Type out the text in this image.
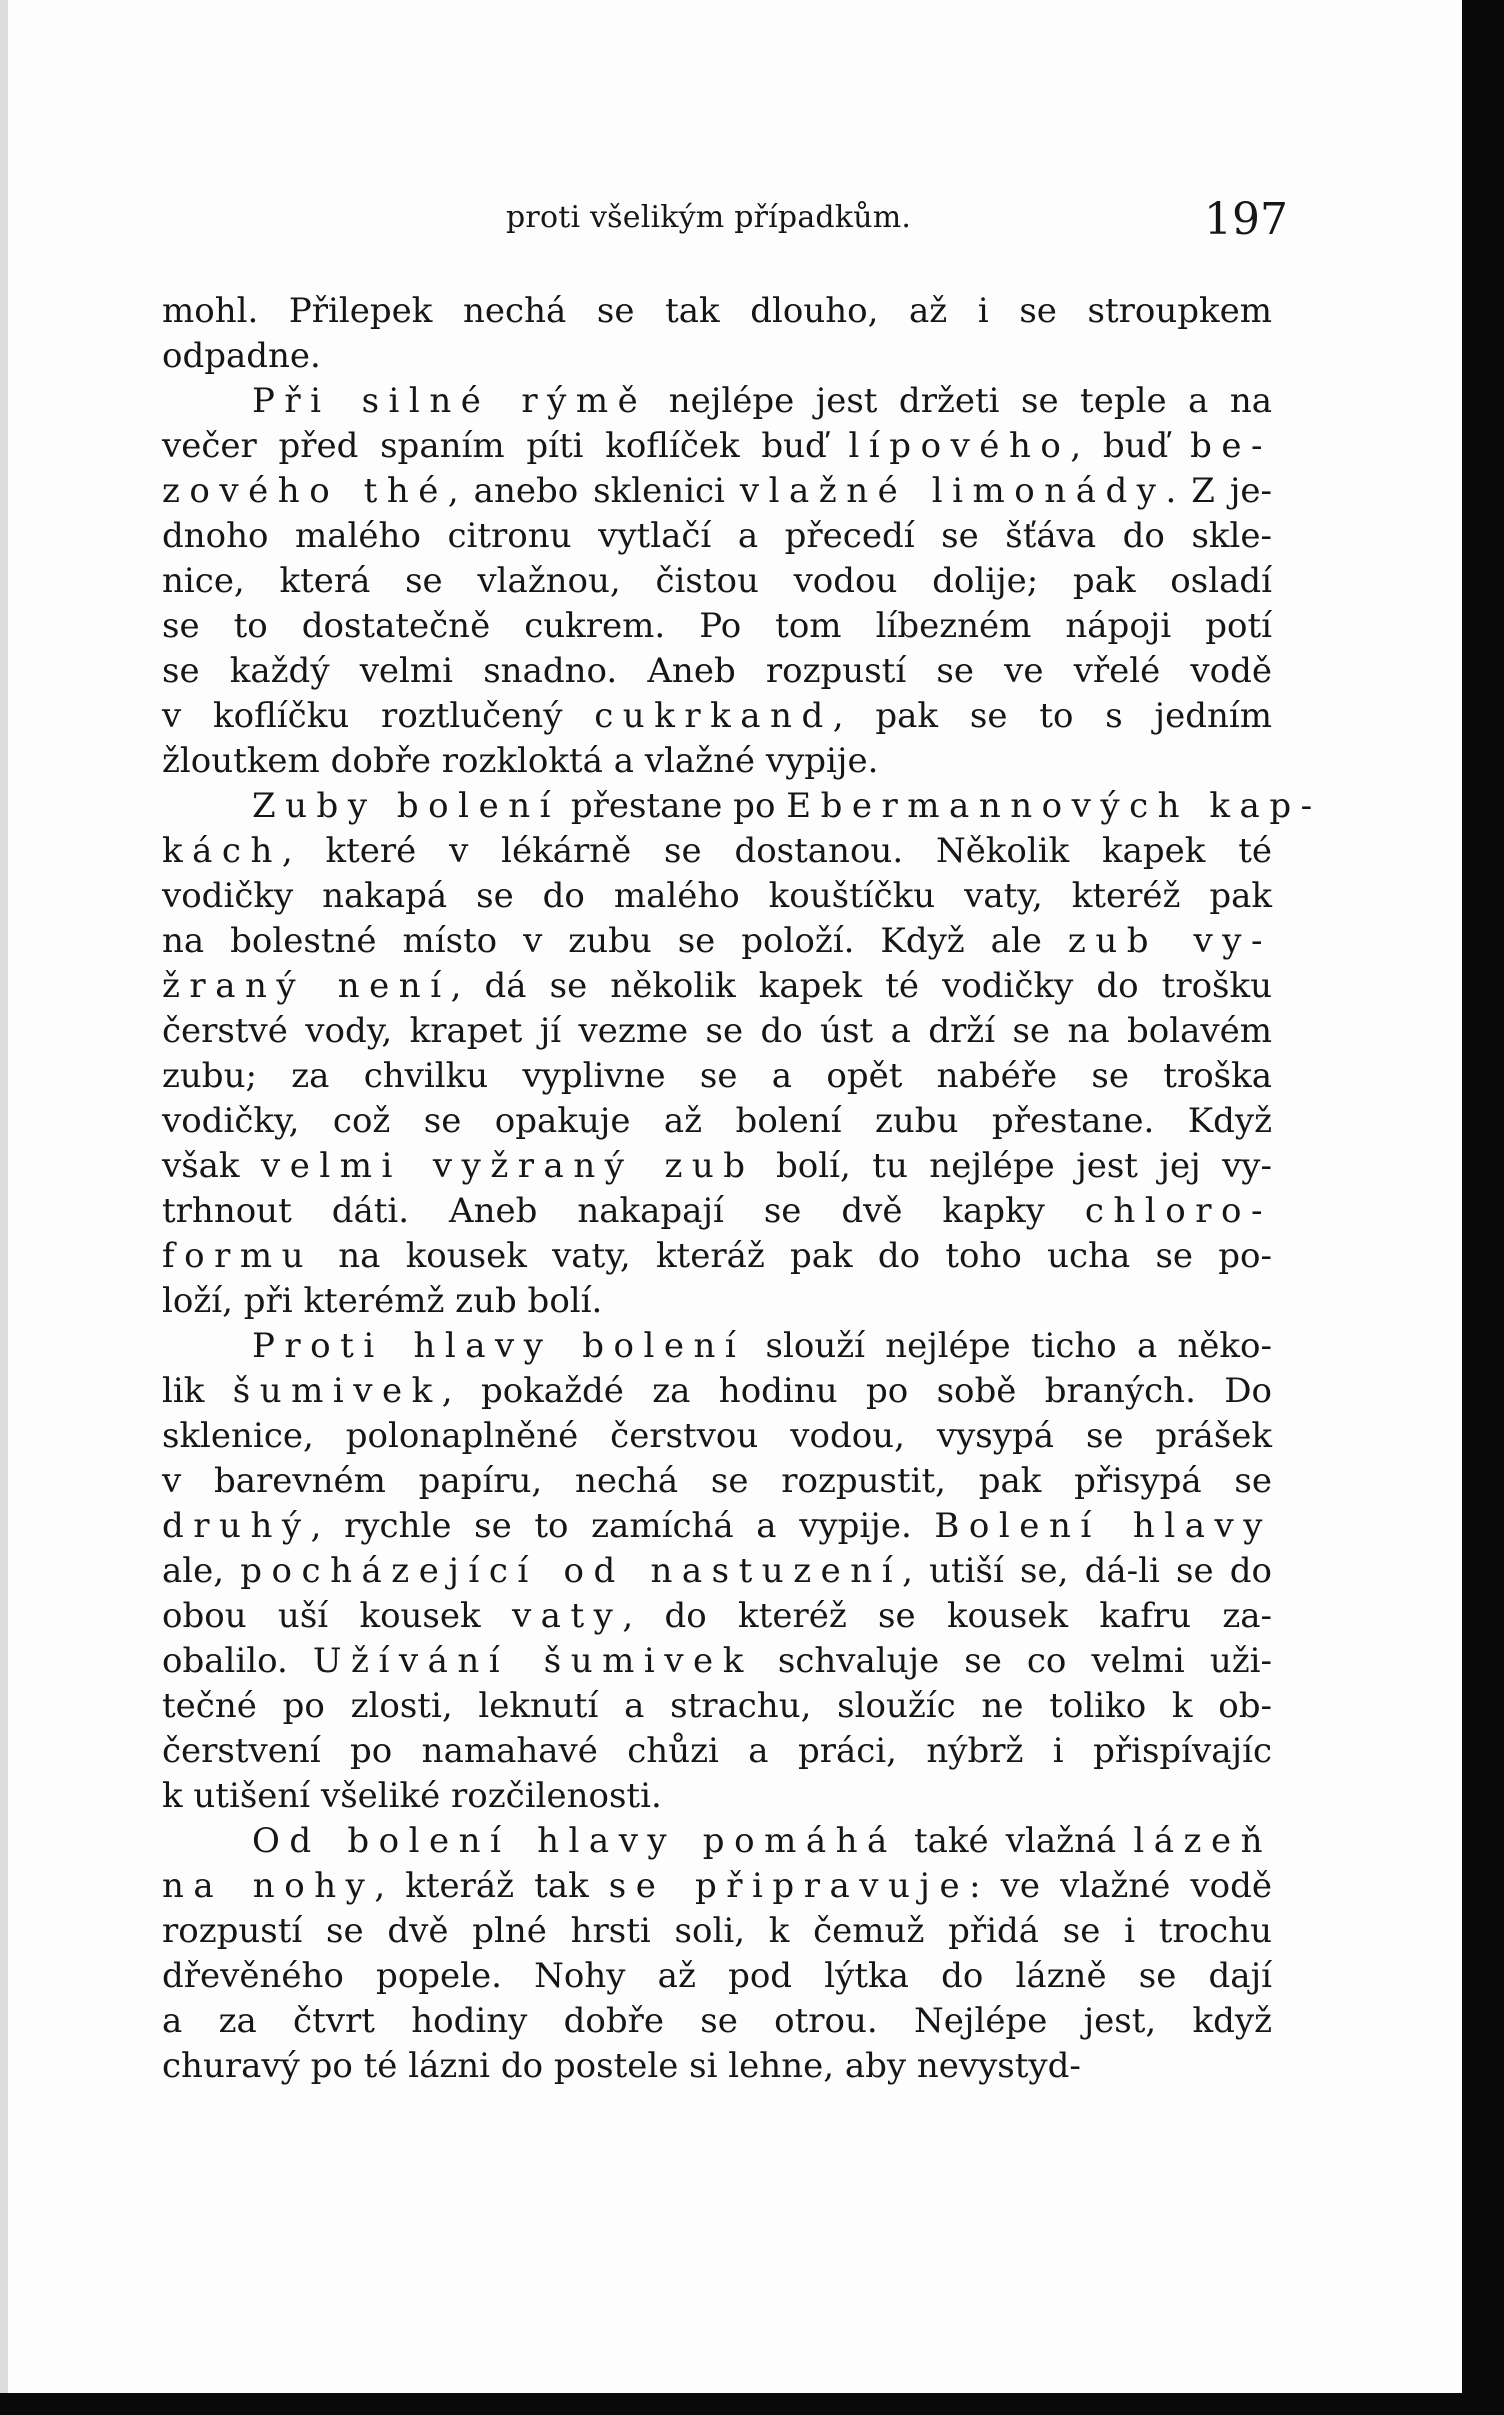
proti všelikým případkům.	197
mohl. Přilepek nechá se tak dlouho, až i se stroupkem
odpadne.
Při silné rýmě nejlépe jest držeti se teple a na
večer před spaním píti koflíček buď lípového, buď be-
zového thé, anebo sklenici vlažné limonády. Z je-
dnoho malého citronu vytlačí a přecedí se šťáva do skle-
nice, která se vlažnou, čistou vodou dolije; pak osladí
se to dostatečně cukrem. Po tom líbezném nápoji potí
se každý velmi snadno. Aneb rozpustí se ve vřelé vodě
v koflíčku roztlučený cukrkand, pak se to s jedním
žloutkem dobře rozkloktá a vlažné vypije.
Zuby bolení přestane po Ebermannových kap-
kách, které v lékárně se dostanou. Několik kapek té
vodičky nakapá se do malého kouštíčku vaty, kteréž pak
na bolestné místo v zubu se položí. Když ale zub vy-
žraný není, dá se několik kapek té vodičky do trošku
čerstvé vody, krapet jí vezme se do úst a drží se na bolavém
zubu; za chvilku vyplivne se a opět nabéře se troška
vodičky, což se opakuje až bolení zubu přestane. Když
však velmi vyžraný zub bolí, tu nejlépe jest jej vy-
trhnout dáti. Aneb nakapají se dvě kapky chloro-
formu na kousek vaty, kteráž pak do toho ucha se po-
loží, při kterémž zub bolí.
Proti hlavy bolení slouží nejlépe ticho a něko-
lik šumivek, pokaždé za hodinu po sobě braných. Do
sklenice, polonaplněné čerstvou vodou, vysypá se prášek
v barevném papíru, nechá se rozpustit, pak přisypá se
druhý, rychle se to zamíchá a vypije. Bolení hlavy
ale, pocházející od nastuzení, utiší se, dá-li se do
obou uší kousek vaty, do kteréž se kousek kafru za-
obalilo. Užívání šumivek schvaluje se co velmi uži-
tečné po zlosti, leknutí a strachu, sloužíc ne toliko k ob-
čerstvení po namahavé chůzi a práci, nýbrž i přispívajíc
k utišení všeliké rozčilenosti.
Od bolení hlavy pomáhá také vlažná lázeň
na nohy, kteráž tak se připravuje: ve vlažné vodě
rozpustí se dvě plné hrsti soli, k čemuž přidá se i trochu
dřevěného popele. Nohy až pod lýtka do lázně se dají
a za čtvrt hodiny dobře se otrou. Nejlépe jest, když
churavý po té lázni do postele si lehne, aby nevystyd-
